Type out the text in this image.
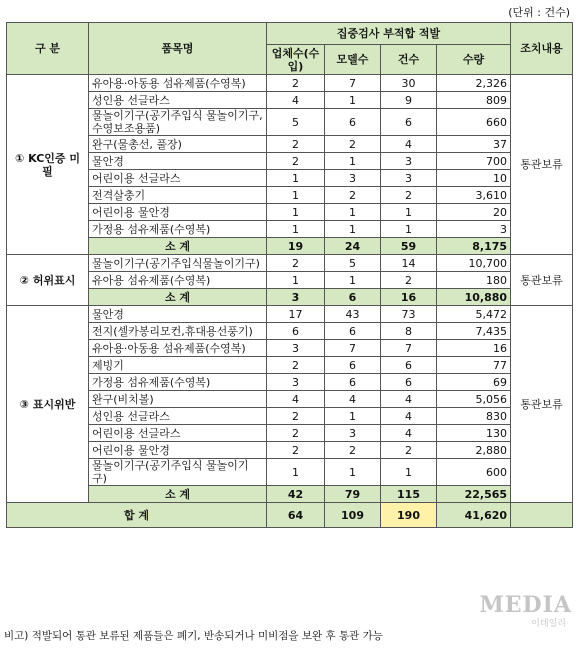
(단위 : 건수)
구 분	품목명	집중검사 부적합 적발				조치내용
		업체수(수입)	모델수	건수	수량	
① KC인증 미필	유아용·아동용 섬유제품(수영복)	2	7	30	2,326	통관보류
	성인용 선글라스	4	1	9	809	
	물놀이기구(공기주입식 물놀이기구, 수영보조용품)	5	6	6	660	
	완구(물총선, 풀장)	2	2	4	37	
	물안경	2	1	3	700	
	어린이용 선글라스	1	3	3	10	
	전격살충기	1	2	2	3,610	
	어린이용 물안경	1	1	1	20	
	가정용 섬유제품(수영복)	1	1	1	3	
	소 계	19	24	59	8,175	
② 허위표시	물놀이기구(공기주입식물놀이기구)	2	5	14	10,700	통관보류
	유아용 섬유제품(수영복)	1	1	2	180	
	소 계	3	6	16	10,880	
③ 표시위반	물안경	17	43	73	5,472	통관보류
	전지(셀카봉리모컨,휴대용선풍기)	6	6	8	7,435	
	유아용·아동용 섬유제품(수영복)	3	7	7	16	
	제빙기	2	6	6	77	
	가정용 섬유제품(수영복)	3	6	6	69	
	완구(비치볼)	4	4	4	5,056	
	성인용 선글라스	2	1	4	830	
	어린이용 선글라스	2	3	4	130	
	어린이용 물안경	2	2	2	2,880	
	물놀이기구(공기주입식 물놀이기구)	1	1	1	600	
	소 계	42	79	115	22,565	
합 계		64	109	190	41,620	
MEDIA
이데일리
비고) 적발되어 통관 보류된 제품들은 폐기, 반송되거나 미비점을 보완 후 통관 가능
